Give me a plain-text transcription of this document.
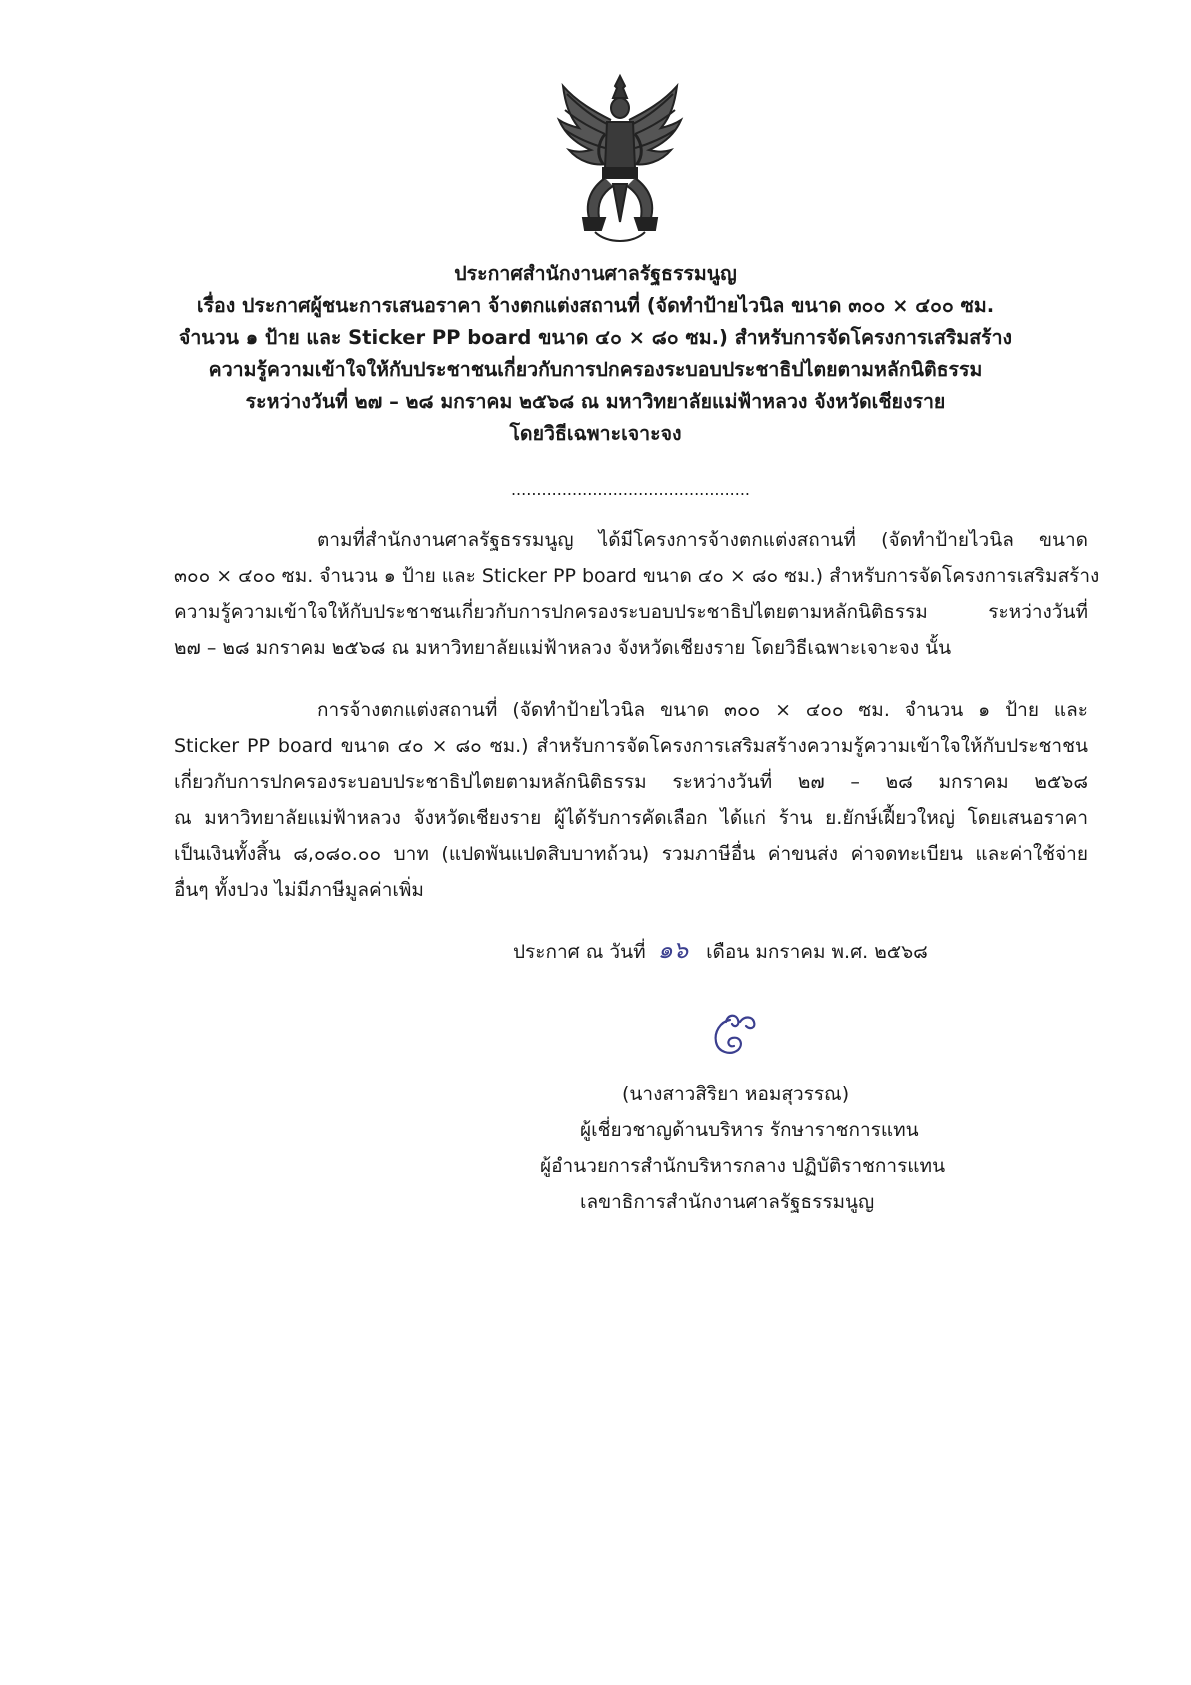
ประกาศสำนักงานศาลรัฐธรรมนูญ
เรื่อง ประกาศผู้ชนะการเสนอราคา จ้างตกแต่งสถานที่ (จัดทำป้ายไวนิล ขนาด ๓๐๐ × ๔๐๐ ซม.
จำนวน ๑ ป้าย และ Sticker PP board ขนาด ๔๐ × ๘๐ ซม.) สำหรับการจัดโครงการเสริมสร้าง
ความรู้ความเข้าใจให้กับประชาชนเกี่ยวกับการปกครองระบอบประชาธิปไตยตามหลักนิติธรรม
ระหว่างวันที่ ๒๗ – ๒๘ มกราคม ๒๕๖๘ ณ มหาวิทยาลัยแม่ฟ้าหลวง จังหวัดเชียงราย
โดยวิธีเฉพาะเจาะจง
...............................................
ตามที่สำนักงานศาลรัฐธรรมนูญ ได้มีโครงการจ้างตกแต่งสถานที่ (จัดทำป้ายไวนิล ขนาด
๓๐๐ × ๔๐๐ ซม. จำนวน ๑ ป้าย และ Sticker PP board ขนาด ๔๐ × ๘๐ ซม.) สำหรับการจัดโครงการเสริมสร้าง
ความรู้ความเข้าใจให้กับประชาชนเกี่ยวกับการปกครองระบอบประชาธิปไตยตามหลักนิติธรรม ระหว่างวันที่
๒๗ – ๒๘ มกราคม ๒๕๖๘ ณ มหาวิทยาลัยแม่ฟ้าหลวง จังหวัดเชียงราย โดยวิธีเฉพาะเจาะจง นั้น
การจ้างตกแต่งสถานที่ (จัดทำป้ายไวนิล ขนาด ๓๐๐ × ๔๐๐ ซม. จำนวน ๑ ป้าย และ
Sticker PP board ขนาด ๔๐ × ๘๐ ซม.) สำหรับการจัดโครงการเสริมสร้างความรู้ความเข้าใจให้กับประชาชน
เกี่ยวกับการปกครองระบอบประชาธิปไตยตามหลักนิติธรรม ระหว่างวันที่ ๒๗ – ๒๘ มกราคม ๒๕๖๘
ณ มหาวิทยาลัยแม่ฟ้าหลวง จังหวัดเชียงราย ผู้ได้รับการคัดเลือก ได้แก่ ร้าน ย.ยักษ์เฝี้ยวใหญ่ โดยเสนอราคา
เป็นเงินทั้งสิ้น ๘,๐๘๐.๐๐ บาท (แปดพันแปดสิบบาทถ้วน) รวมภาษีอื่น ค่าขนส่ง ค่าจดทะเบียน และค่าใช้จ่าย
อื่นๆ ทั้งปวง ไม่มีภาษีมูลค่าเพิ่ม
ประกาศ ณ วันที่ ๑๖ เดือน มกราคม พ.ศ. ๒๕๖๘
(นางสาวสิริยา หอมสุวรรณ)
ผู้เชี่ยวชาญด้านบริหาร รักษาราชการแทน
ผู้อำนวยการสำนักบริหารกลาง ปฏิบัติราชการแทน
เลขาธิการสำนักงานศาลรัฐธรรมนูญ
